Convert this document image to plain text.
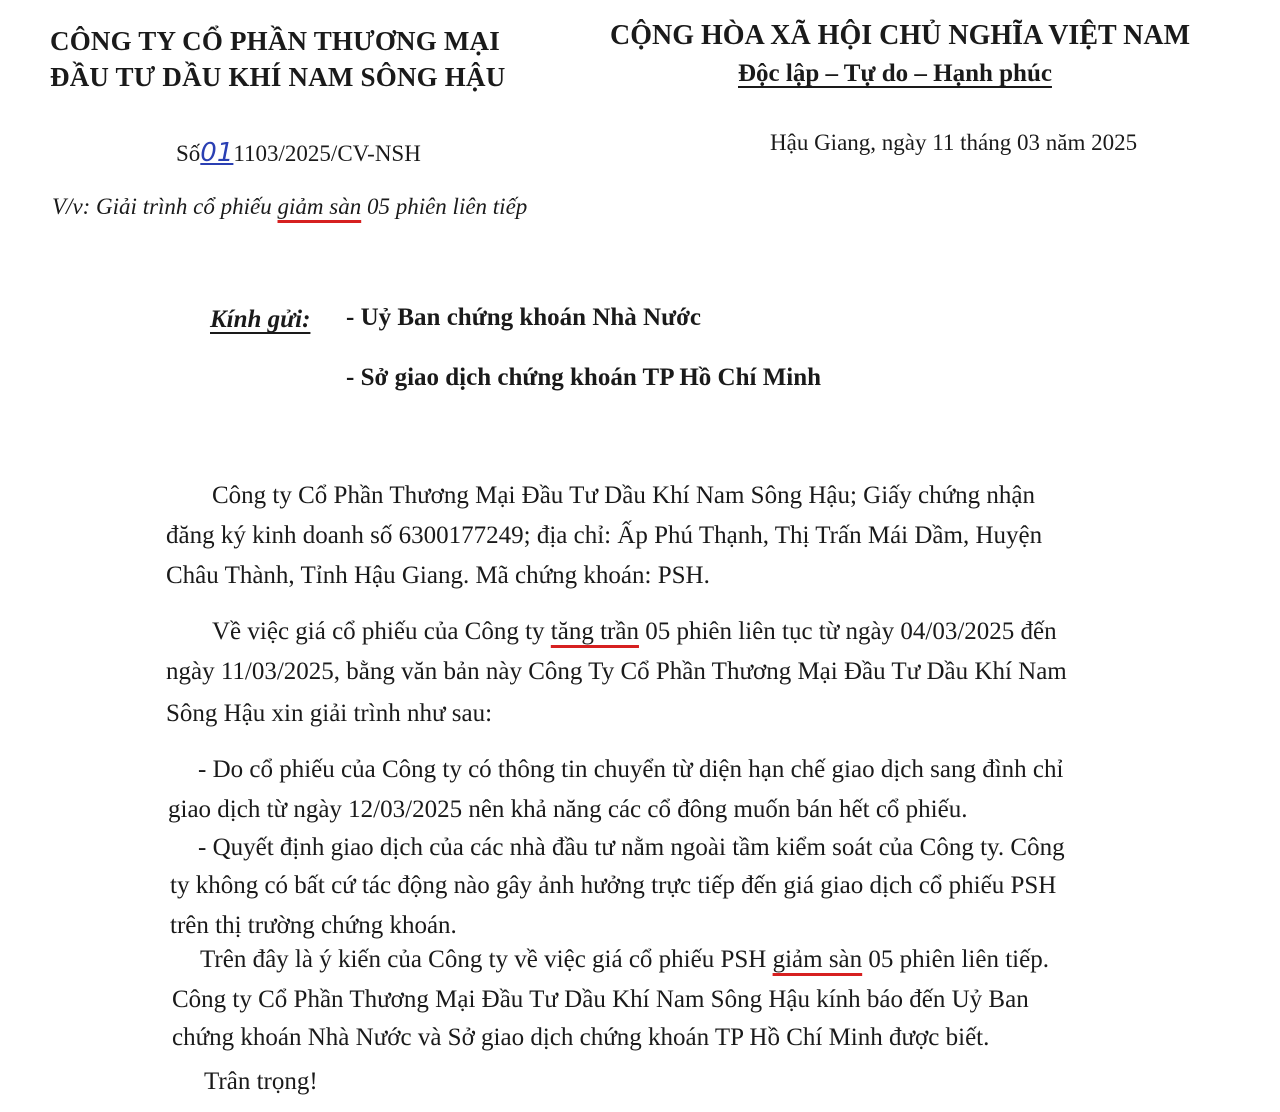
CÔNG TY CỔ PHẦN THƯƠNG MẠI
ĐẦU TƯ DẦU KHÍ NAM SÔNG HẬU
CỘNG HÒA XÃ HỘI CHỦ NGHĨA VIỆT NAM
Độc lập – Tự do – Hạnh phúc
Số011103/2025/CV-NSH	Hậu Giang, ngày 11 tháng 03 năm 2025
V/v: Giải trình cổ phiếu giảm sàn 05 phiên liên tiếp
Kính gửi: - Uỷ Ban chứng khoán Nhà Nước
- Sở giao dịch chứng khoán TP Hồ Chí Minh
Công ty Cổ Phần Thương Mại Đầu Tư Dầu Khí Nam Sông Hậu; Giấy chứng nhận
đăng ký kinh doanh số 6300177249; địa chỉ: Ấp Phú Thạnh, Thị Trấn Mái Dầm, Huyện
Châu Thành, Tỉnh Hậu Giang. Mã chứng khoán: PSH.
Về việc giá cổ phiếu của Công ty tăng trần 05 phiên liên tục từ ngày 04/03/2025 đến
ngày 11/03/2025, bằng văn bản này Công Ty Cổ Phần Thương Mại Đầu Tư Dầu Khí Nam
Sông Hậu xin giải trình như sau:
- Do cổ phiếu của Công ty có thông tin chuyển từ diện hạn chế giao dịch sang đình chỉ
giao dịch từ ngày 12/03/2025 nên khả năng các cổ đông muốn bán hết cổ phiếu.
- Quyết định giao dịch của các nhà đầu tư nằm ngoài tầm kiểm soát của Công ty. Công
ty không có bất cứ tác động nào gây ảnh hưởng trực tiếp đến giá giao dịch cổ phiếu PSH
trên thị trường chứng khoán.
Trên đây là ý kiến của Công ty về việc giá cổ phiếu PSH giảm sàn 05 phiên liên tiếp.
Công ty Cổ Phần Thương Mại Đầu Tư Dầu Khí Nam Sông Hậu kính báo đến Uỷ Ban
chứng khoán Nhà Nước và Sở giao dịch chứng khoán TP Hồ Chí Minh được biết.
Trân trọng!
